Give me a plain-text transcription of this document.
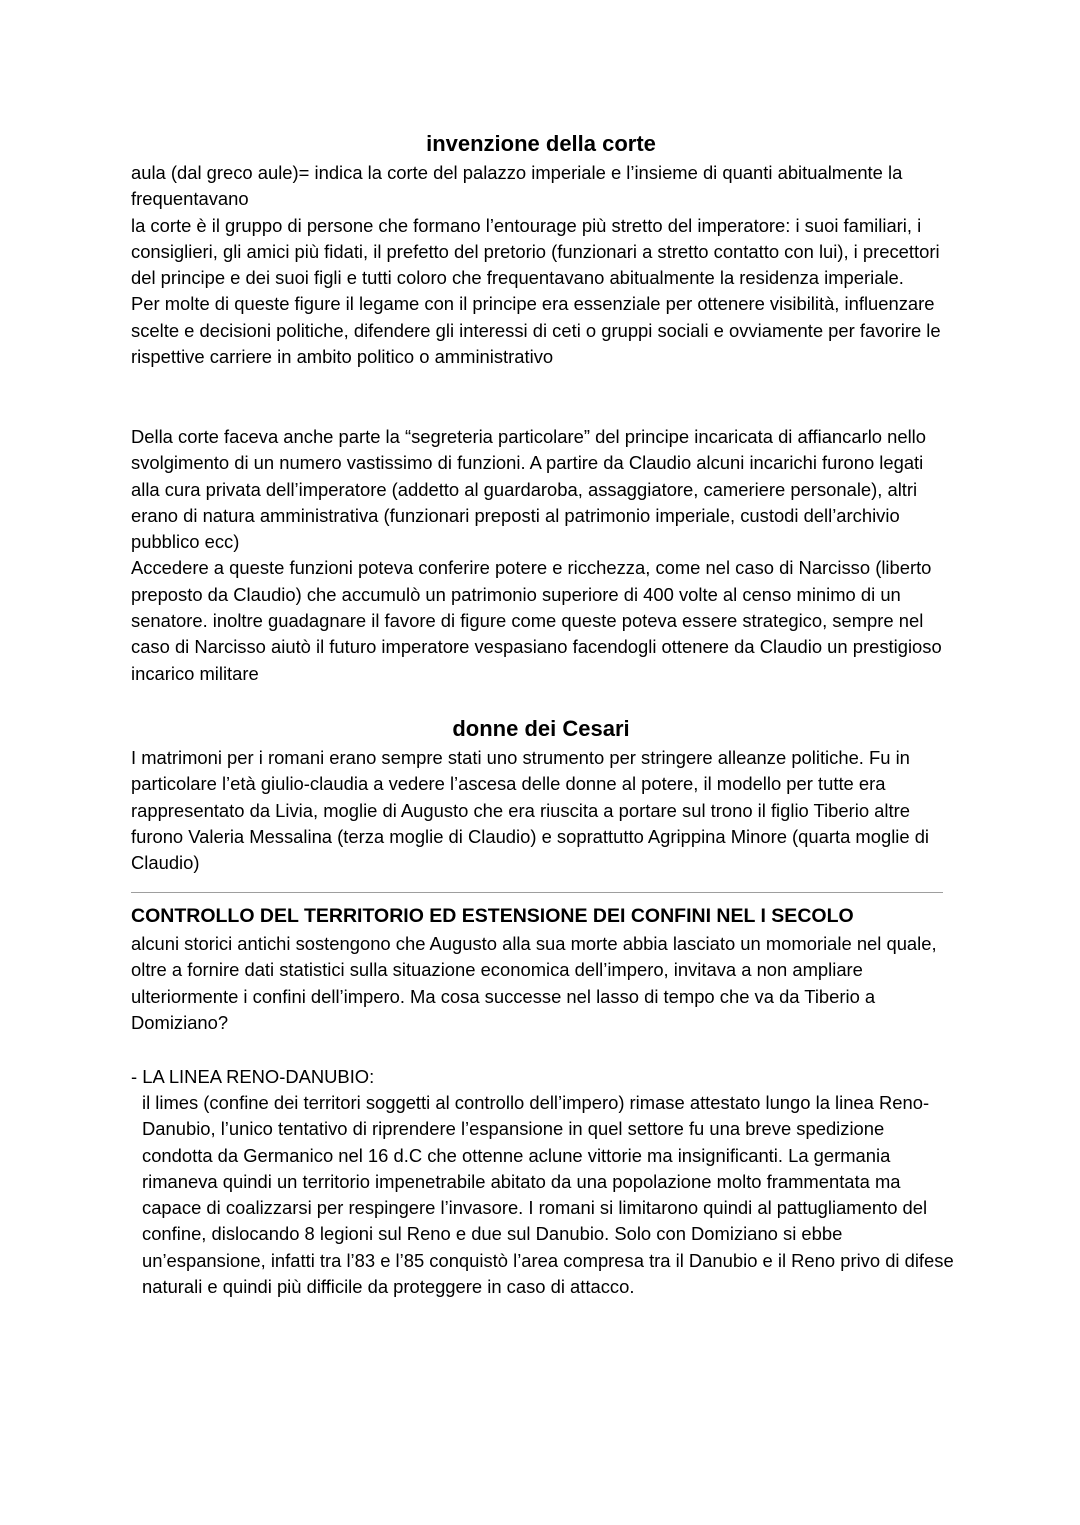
invenzione della corte

aula (dal greco aule)= indica la corte del palazzo imperiale e l’insieme di quanti abitualmente la frequentavano

la corte è il gruppo di persone che formano l’entourage più stretto del imperatore: i suoi familiari, i consiglieri, gli amici più fidati, il prefetto del pretorio (funzionari a stretto contatto con lui), i precettori del principe e dei suoi figli e tutti coloro che frequentavano abitualmente la residenza imperiale.

Per molte di queste figure il legame con il principe era essenziale per ottenere visibilità, influenzare scelte e decisioni politiche, difendere gli interessi di ceti o gruppi sociali e ovviamente per favorire le rispettive carriere in ambito politico o amministrativo

Della corte faceva anche parte la “segreteria particolare” del principe incaricata di affiancarlo nello svolgimento di un numero vastissimo di funzioni. A partire da Claudio alcuni incarichi furono legati alla cura privata dell’imperatore (addetto al guardaroba, assaggiatore, cameriere personale), altri erano di natura amministrativa (funzionari preposti al patrimonio imperiale, custodi dell’archivio pubblico ecc)

Accedere a queste funzioni poteva conferire potere e ricchezza, come nel caso di Narcisso (liberto preposto da Claudio) che accumulò un patrimonio superiore di 400 volte al censo minimo di un senatore. inoltre guadagnare il favore di figure come queste poteva essere strategico, sempre nel caso di Narcisso aiutò il futuro imperatore vespasiano facendogli ottenere da Claudio un prestigioso incarico militare

donne dei Cesari

I matrimoni per i romani erano sempre stati uno strumento per stringere alleanze politiche. Fu in particolare l’età giulio-claudia a vedere l’ascesa delle donne al potere, il modello per tutte era rappresentato da Livia, moglie di Augusto che era riuscita a portare sul trono il figlio Tiberio altre furono Valeria Messalina (terza moglie di Claudio) e soprattutto Agrippina Minore (quarta moglie di Claudio)

CONTROLLO DEL TERRITORIO ED ESTENSIONE DEI CONFINI NEL I SECOLO

alcuni storici antichi sostengono che Augusto alla sua morte abbia lasciato un momoriale nel quale, oltre a fornire dati statistici sulla situazione economica dell’impero, invitava a non ampliare ulteriormente i confini dell’impero. Ma cosa successe nel lasso di tempo che va da Tiberio a Domiziano?

- LA LINEA RENO-DANUBIO:
il limes (confine dei territori soggetti al controllo dell’impero) rimase attestato lungo la linea Reno-Danubio, l’unico tentativo di riprendere l’espansione in quel settore fu una breve spedizione condotta da Germanico nel 16 d.C che ottenne aclune vittorie ma insignificanti. La germania rimaneva quindi un territorio impenetrabile abitato da una popolazione molto frammentata ma capace di coalizzarsi per respingere l’invasore. I romani si limitarono quindi al pattugliamento del confine, dislocando 8 legioni sul Reno e due sul Danubio. Solo con Domiziano si ebbe un’espansione, infatti tra l’83 e l’85 conquistò l’area compresa tra il Danubio e il Reno privo di difese naturali e quindi più difficile da proteggere in caso di attacco.
